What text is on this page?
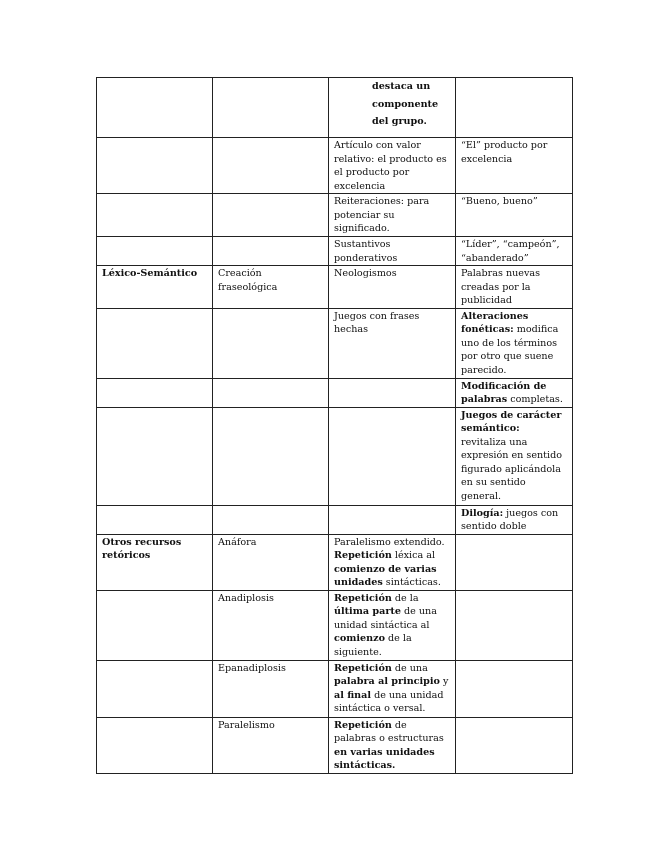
		destaca un componente del grupo.	
		Artículo con valor relativo: el producto es el producto por excelencia	“El” producto por excelencia
		Reiteraciones: para potenciar su significado.	“Bueno, bueno”
		Sustantivos ponderativos	“Líder”, “campeón”, “abanderado”
Léxico-Semántico	Creación fraseológica	Neologismos	Palabras nuevas creadas por la publicidad
		Juegos con frases hechas	Alteraciones fonéticas: modifica uno de los términos por otro que suene parecido.
			Modificación de palabras completas.
			Juegos de carácter semántico: revitaliza una expresión en sentido figurado aplicándola en su sentido general.
			Dilogía: juegos con sentido doble
Otros recursos retóricos	Anáfora	Paralelismo extendido. Repetición léxica al comienzo de varias unidades sintácticas.	
	Anadiplosis	Repetición de la última parte de una unidad sintáctica al comienzo de la siguiente.	
	Epanadiplosis	Repetición de una palabra al principio y al final de una unidad sintáctica o versal.	
	Paralelismo	Repetición de palabras o estructuras en varias unidades sintácticas.	
